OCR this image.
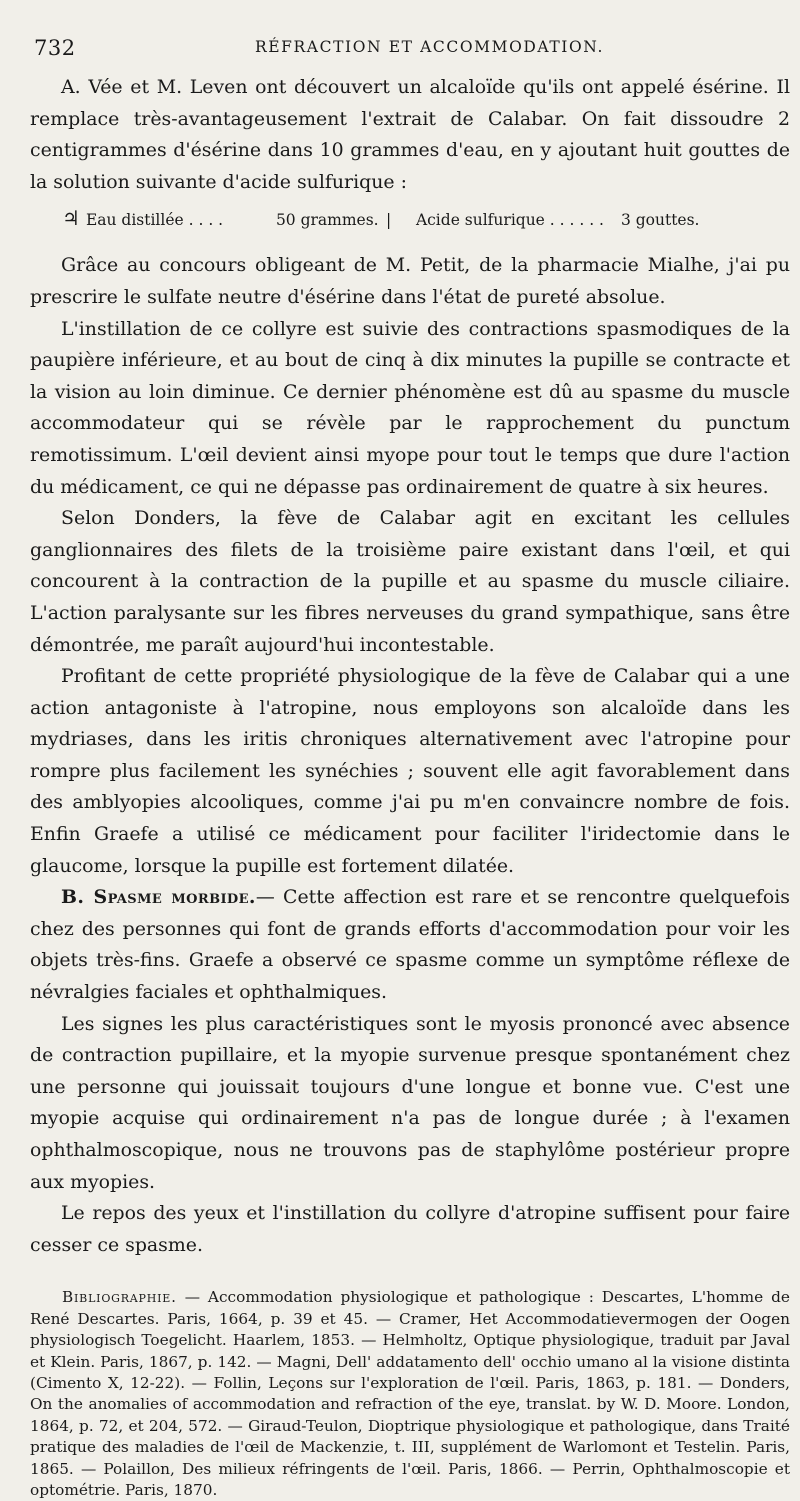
732	RÉFRACTION ET ACCOMMODATION.

A. Vée et M. Leven ont découvert un alcaloïde qu'ils ont appelé ésérine. Il remplace très-avantageusement l'extrait de Calabar. On fait dissoudre 2 centigrammes d'ésérine dans 10 grammes d'eau, en y ajoutant huit gouttes de la solution suivante d'acide sulfurique :

♃ Eau distillée . . . .	50 grammes. |	Acide sulfurique . . . . . .	3 gouttes.

Grâce au concours obligeant de M. Petit, de la pharmacie Mialhe, j'ai pu prescrire le sulfate neutre d'ésérine dans l'état de pureté absolue.

L'instillation de ce collyre est suivie des contractions spasmodiques de la paupière inférieure, et au bout de cinq à dix minutes la pupille se contracte et la vision au loin diminue. Ce dernier phénomène est dû au spasme du muscle accommodateur qui se révèle par le rapprochement du punctum remotissimum. L'œil devient ainsi myope pour tout le temps que dure l'action du médicament, ce qui ne dépasse pas ordinairement de quatre à six heures.

Selon Donders, la fève de Calabar agit en excitant les cellules ganglionnaires des filets de la troisième paire existant dans l'œil, et qui concourent à la contraction de la pupille et au spasme du muscle ciliaire. L'action paralysante sur les fibres nerveuses du grand sympathique, sans être démontrée, me paraît aujourd'hui incontestable.

Profitant de cette propriété physiologique de la fève de Calabar qui a une action antagoniste à l'atropine, nous employons son alcaloïde dans les mydriases, dans les iritis chroniques alternativement avec l'atropine pour rompre plus facilement les synéchies ; souvent elle agit favorablement dans des amblyopies alcooliques, comme j'ai pu m'en convaincre nombre de fois. Enfin Graefe a utilisé ce médicament pour faciliter l'iridectomie dans le glaucome, lorsque la pupille est fortement dilatée.

B. Spasme morbide.— Cette affection est rare et se rencontre quelquefois chez des personnes qui font de grands efforts d'accommodation pour voir les objets très-fins. Graefe a observé ce spasme comme un symptôme réflexe de névralgies faciales et ophthalmiques.

Les signes les plus caractéristiques sont le myosis prononcé avec absence de contraction pupillaire, et la myopie survenue presque spontanément chez une personne qui jouissait toujours d'une longue et bonne vue. C'est une myopie acquise qui ordinairement n'a pas de longue durée ; à l'examen ophthalmoscopique, nous ne trouvons pas de staphylôme postérieur propre aux myopies.

Le repos des yeux et l'instillation du collyre d'atropine suffisent pour faire cesser ce spasme.

Bibliographie. — Accommodation physiologique et pathologique : Descartes, L'homme de René Descartes. Paris, 1664, p. 39 et 45. — Cramer, Het Accommodatievermogen der Oogen physiologisch Toegelicht. Haarlem, 1853. — Helmholtz, Optique physiologique, traduit par Javal et Klein. Paris, 1867, p. 142. — Magni, Dell' addatamento dell' occhio umano al la visione distinta (Cimento X, 12-22). — Follin, Leçons sur l'exploration de l'œil. Paris, 1863, p. 181. — Donders, On the anomalies of accommodation and refraction of the eye, translat. by W. D. Moore. London, 1864, p. 72, et 204, 572. — Giraud-Teulon, Dioptrique physiologique et pathologique, dans Traité pratique des maladies de l'œil de Mackenzie, t. III, supplément de Warlomont et Testelin. Paris, 1865. — Polaillon, Des milieux réfringents de l'œil. Paris, 1866. — Perrin, Ophthalmoscopie et optométrie. Paris, 1870.
